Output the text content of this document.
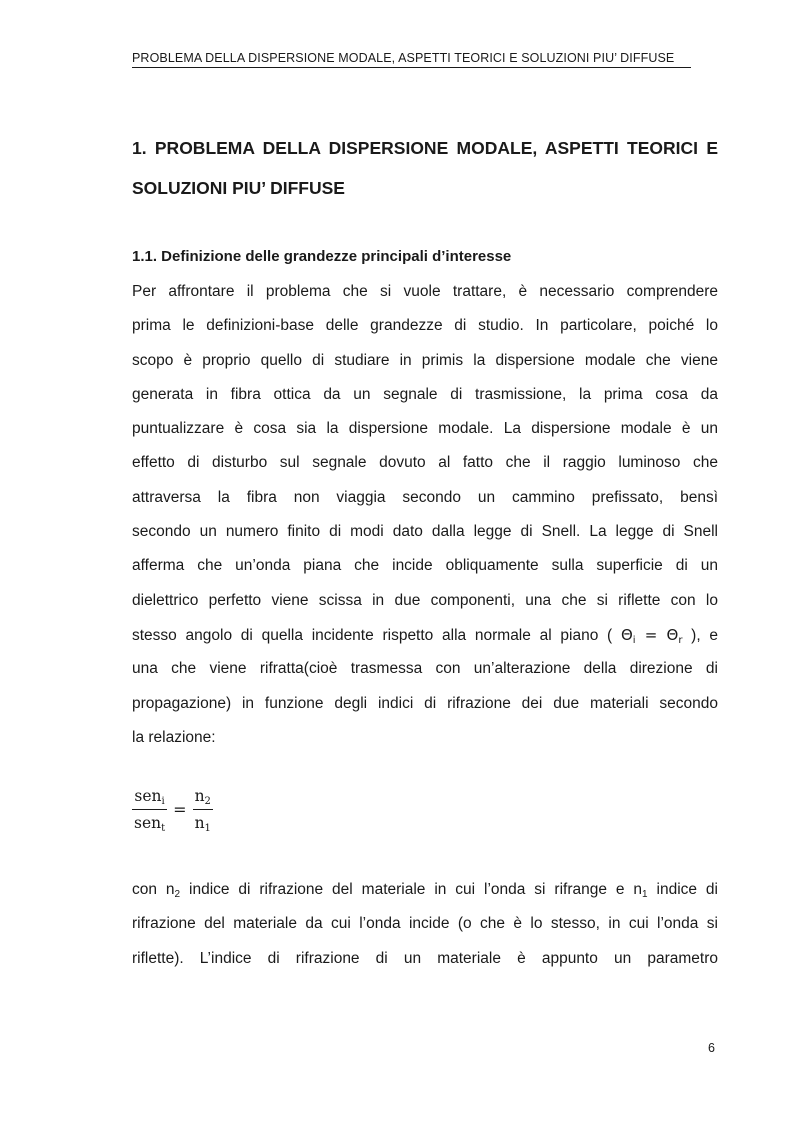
PROBLEMA DELLA DISPERSIONE MODALE, ASPETTI TEORICI E SOLUZIONI PIU’ DIFFUSE
1. PROBLEMA DELLA DISPERSIONE MODALE, ASPETTI TEORICI E
SOLUZIONI PIU’ DIFFUSE
1.1. Definizione delle grandezze principali d’interesse
Per affrontare il problema che si vuole trattare, è necessario comprendere
prima le definizioni-base delle grandezze di studio. In particolare, poiché lo
scopo è proprio quello di studiare in primis la dispersione modale che viene
generata in fibra ottica da un segnale di trasmissione, la prima cosa da
puntualizzare è cosa sia la dispersione modale. La dispersione modale è un
effetto di disturbo sul segnale dovuto al fatto che il raggio luminoso che
attraversa la fibra non viaggia secondo un cammino prefissato, bensì
secondo un numero finito di modi dato dalla legge di Snell. La legge di Snell
afferma che un’onda piana che incide obliquamente sulla superficie di un
dielettrico perfetto viene scissa in due componenti, una che si riflette con lo
stesso angolo di quella incidente rispetto alla normale al piano ( $\Theta_i = \Theta_r$ ), e
una che viene rifratta(cioè trasmessa con un’alterazione della direzione di
propagazione) in funzione degli indici di rifrazione dei due materiali secondo
la relazione:
$\frac{sen_i}{sen_t} = \frac{n_2}{n_1}$
con $n_2$ indice di rifrazione del materiale in cui l’onda si rifrange e $n_1$ indice di
rifrazione del materiale da cui l’onda incide (o che è lo stesso, in cui l’onda si
riflette). L’indice di rifrazione di un materiale è appunto un parametro
6
